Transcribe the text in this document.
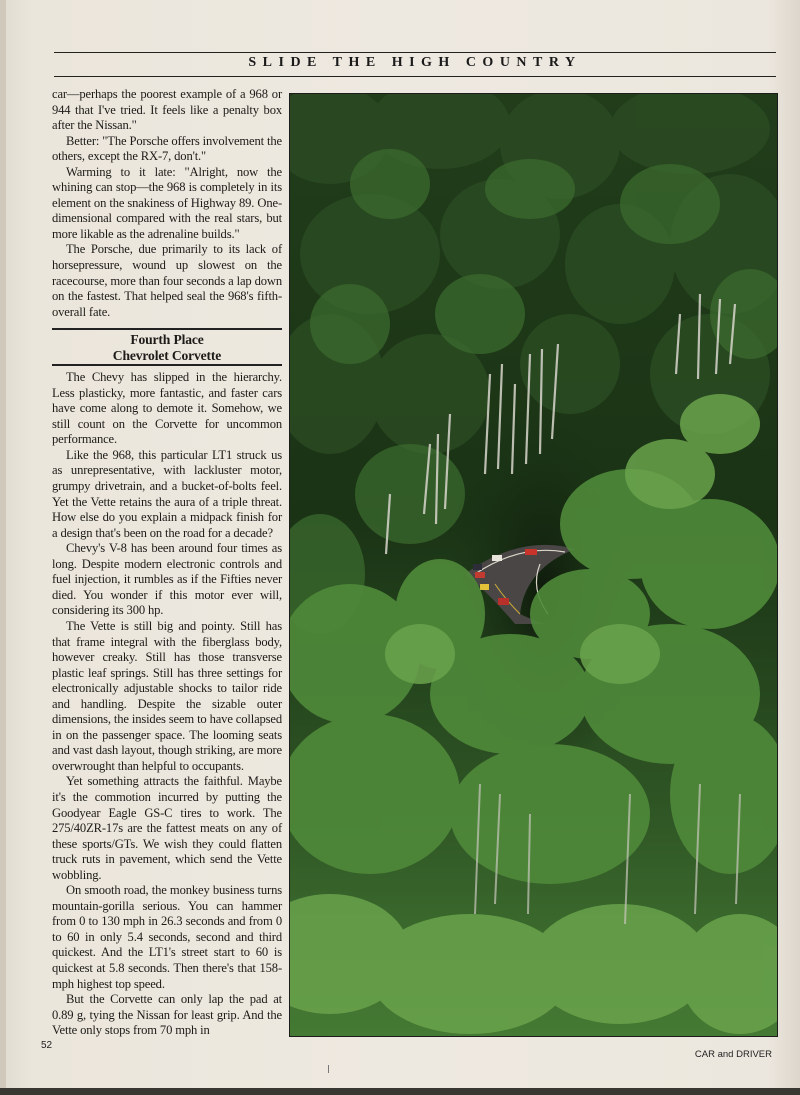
SLIDE THE HIGH COUNTRY

car—perhaps the poorest example of a 968 or 944 that I've tried. It feels like a penalty box after the Nissan."

Better: "The Porsche offers involvement the others, except the RX-7, don't."

Warming to it late: "Alright, now the whining can stop—the 968 is completely in its element on the snakiness of Highway 89. One-dimensional compared with the real stars, but more likable as the adrenaline builds."

The Porsche, due primarily to its lack of horsepressure, wound up slowest on the racecourse, more than four seconds a lap down on the fastest. That helped seal the 968's fifth-overall fate.

Fourth Place
Chevrolet Corvette

The Chevy has slipped in the hierarchy. Less plasticky, more fantastic, and faster cars have come along to demote it. Somehow, we still count on the Corvette for uncommon performance.

Like the 968, this particular LT1 struck us as unrepresentative, with lackluster motor, grumpy drivetrain, and a bucket-of-bolts feel. Yet the Vette retains the aura of a triple threat. How else do you explain a midpack finish for a design that's been on the road for a decade?

Chevy's V-8 has been around four times as long. Despite modern electronic controls and fuel injection, it rumbles as if the Fifties never died. You wonder if this motor ever will, considering its 300 hp.

The Vette is still big and pointy. Still has that frame integral with the fiberglass body, however creaky. Still has those transverse plastic leaf springs. Still has three settings for electronically adjustable shocks to tailor ride and handling. Despite the sizable outer dimensions, the insides seem to have collapsed in on the passenger space. The looming seats and vast dash layout, though striking, are more overwrought than helpful to occupants.

Yet something attracts the faithful. Maybe it's the commotion incurred by putting the Goodyear Eagle GS-C tires to work. The 275/40ZR-17s are the fattest meats on any of these sports/GTs. We wish they could flatten truck ruts in pavement, which send the Vette wobbling.

On smooth road, the monkey business turns mountain-gorilla serious. You can hammer from 0 to 130 mph in 26.3 seconds and from 0 to 60 in only 5.4 seconds, second and third quickest. And the LT1's street start to 60 is quickest at 5.8 seconds. Then there's that 158-mph highest top speed.

But the Corvette can only lap the pad at 0.89 g, tying the Nissan for least grip. And the Vette only stops from 70 mph in

52
CAR and DRIVER
